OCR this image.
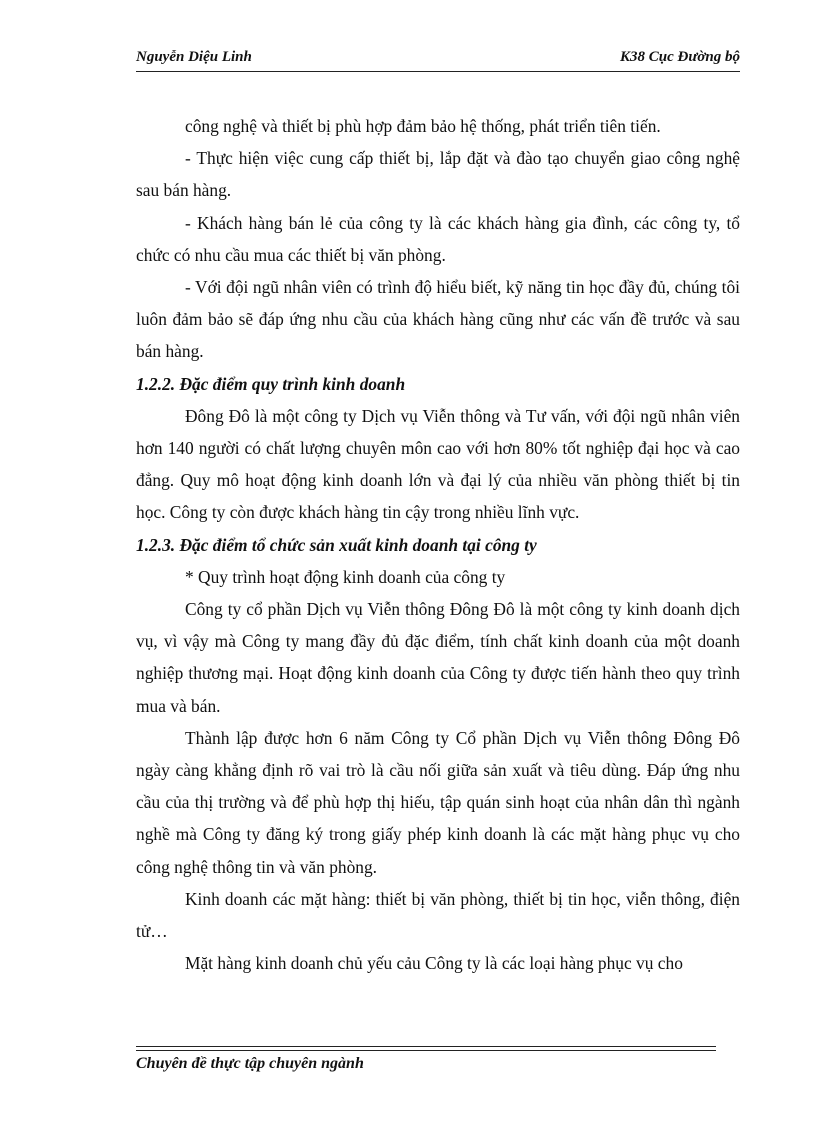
Nguyễn Diệu Linh	K38 Cục Đường bộ

công nghệ và thiết bị phù hợp đảm bảo hệ thống, phát triển tiên tiến.

- Thực hiện việc cung cấp thiết bị, lắp đặt và đào tạo chuyển giao công nghệ sau bán hàng.

- Khách hàng bán lẻ của công ty là các khách hàng gia đình, các công ty, tổ chức có nhu cầu mua các thiết bị văn phòng.

- Với đội ngũ nhân viên có trình độ hiểu biết, kỹ năng tin học đầy đủ, chúng tôi luôn đảm bảo sẽ đáp ứng nhu cầu của khách hàng cũng như các vấn đề trước và sau bán hàng.

1.2.2. Đặc điểm quy trình kinh doanh

Đông Đô là một công ty Dịch vụ Viễn thông và Tư vấn, với đội ngũ nhân viên hơn 140 người có chất lượng chuyên môn cao với hơn 80% tốt nghiệp đại học và cao đẳng. Quy mô hoạt động kinh doanh lớn và đại lý của nhiều văn phòng thiết bị tin học. Công ty còn được khách hàng tin cậy trong nhiều lĩnh vực.

1.2.3. Đặc điểm tổ chức sản xuất kinh doanh tại công ty

* Quy trình hoạt động kinh doanh của công ty

Công ty cổ phần Dịch vụ Viễn thông Đông Đô là một công ty kinh doanh dịch vụ, vì vậy mà Công ty mang đầy đủ đặc điểm, tính chất kinh doanh của một doanh nghiệp thương mại. Hoạt động kinh doanh của Công ty được tiến hành theo quy trình mua và bán.

Thành lập được hơn 6 năm Công ty Cổ phần Dịch vụ Viễn thông Đông Đô ngày càng khẳng định rõ vai trò là cầu nối giữa sản xuất và tiêu dùng. Đáp ứng nhu cầu của thị trường và để phù hợp thị hiếu, tập quán sinh hoạt của nhân dân thì ngành nghề mà Công ty đăng ký trong giấy phép kinh doanh là các mặt hàng phục vụ cho công nghệ thông tin và văn phòng.

Kinh doanh các mặt hàng: thiết bị văn phòng, thiết bị tin học, viễn thông, điện tử…

Mặt hàng kinh doanh chủ yếu cảu Công ty là các loại hàng phục vụ cho

Chuyên đề thực tập chuyên ngành
